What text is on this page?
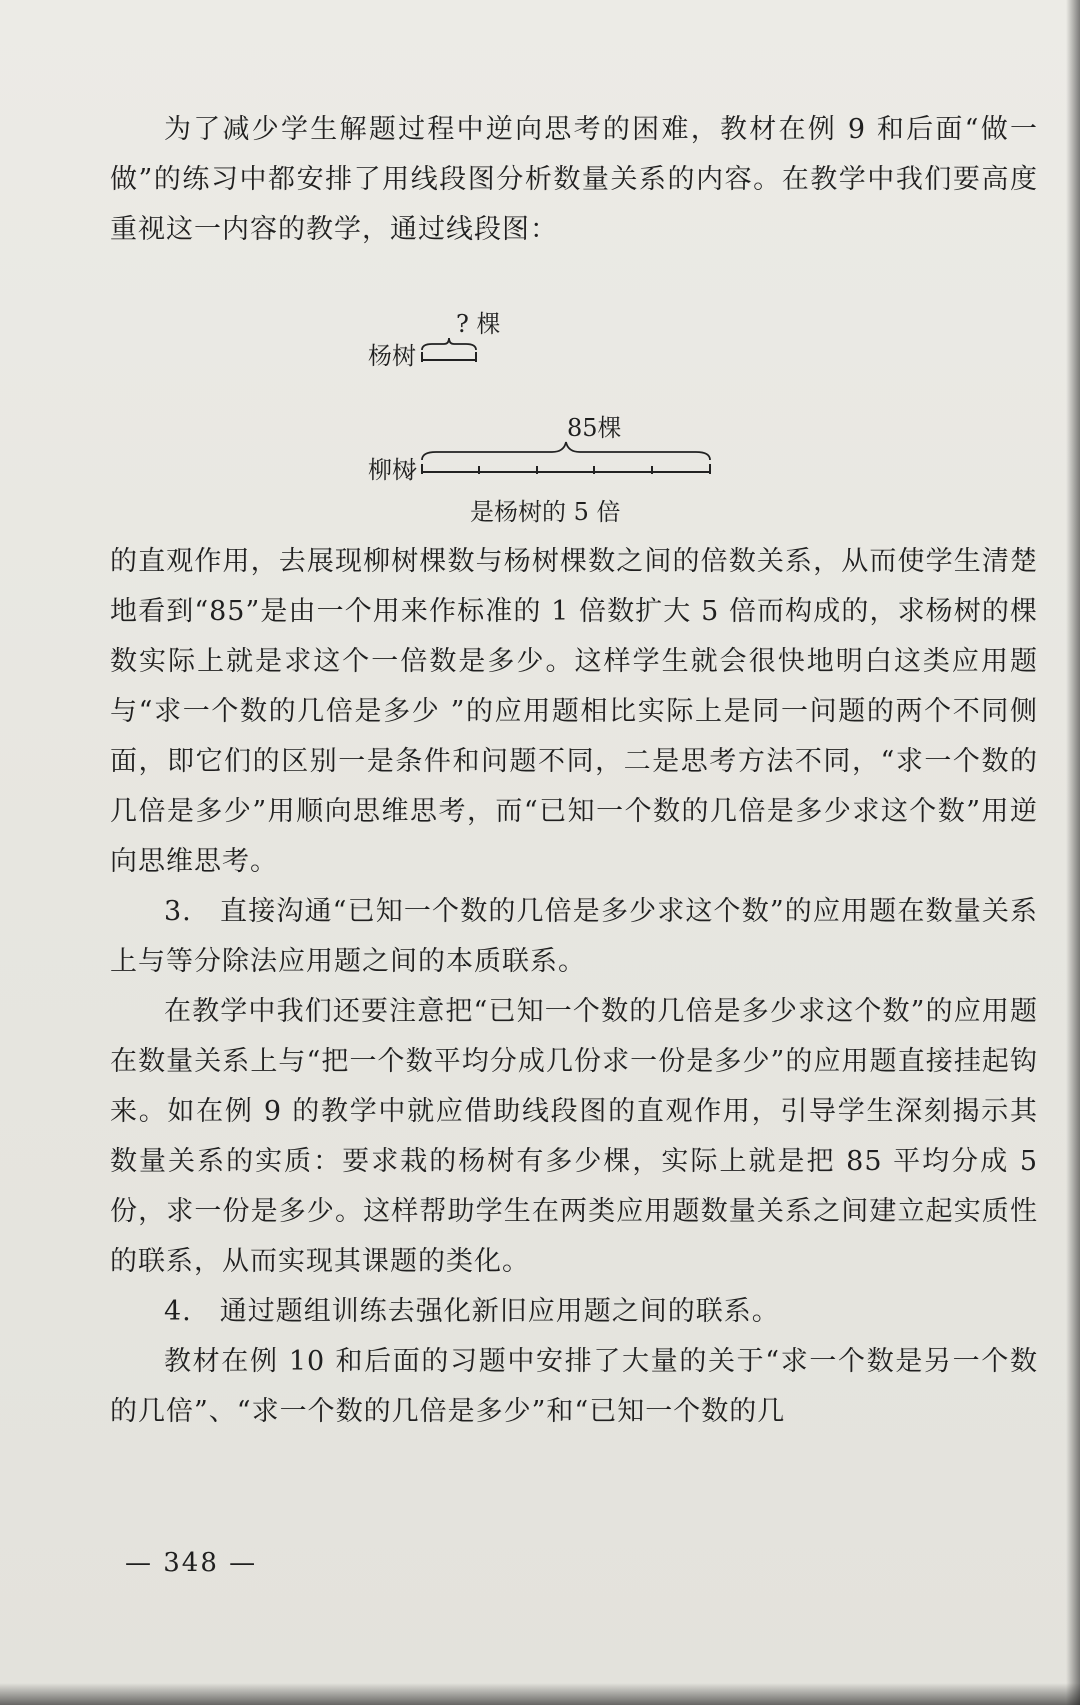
为了减少学生解题过程中逆向思考的困难，教材在例 9 和后面“做一做”的练习中都安排了用线段图分析数量关系的内容。在教学中我们要高度重视这一内容的教学，通过线段图：

杨树
? 棵
85棵
柳树
是杨树的 5 倍

的直观作用，去展现柳树棵数与杨树棵数之间的倍数关系，从而使学生清楚地看到“85”是由一个用来作标准的 1 倍数扩大 5 倍而构成的，求杨树的棵数实际上就是求这个一倍数是多少。这样学生就会很快地明白这类应用题与“求一个数的几倍是多少 ”的应用题相比实际上是同一问题的两个不同侧面，即它们的区别一是条件和问题不同，二是思考方法不同，“求一个数的几倍是多少”用顺向思维思考，而“已知一个数的几倍是多少求这个数”用逆向思维思考。

3.　直接沟通“已知一个数的几倍是多少求这个数”的应用题在数量关系上与等分除法应用题之间的本质联系。

在教学中我们还要注意把“已知一个数的几倍是多少求这个数”的应用题在数量关系上与“把一个数平均分成几份求一份是多少”的应用题直接挂起钩来。如在例 9 的教学中就应借助线段图的直观作用，引导学生深刻揭示其数量关系的实质：要求栽的杨树有多少棵，实际上就是把 85 平均分成 5 份，求一份是多少。这样帮助学生在两类应用题数量关系之间建立起实质性的联系，从而实现其课题的类化。

4.　通过题组训练去强化新旧应用题之间的联系。

教材在例 10 和后面的习题中安排了大量的关于“求一个数是另一个数的几倍”、“求一个数的几倍是多少”和“已知一个数的几

— 348 —
